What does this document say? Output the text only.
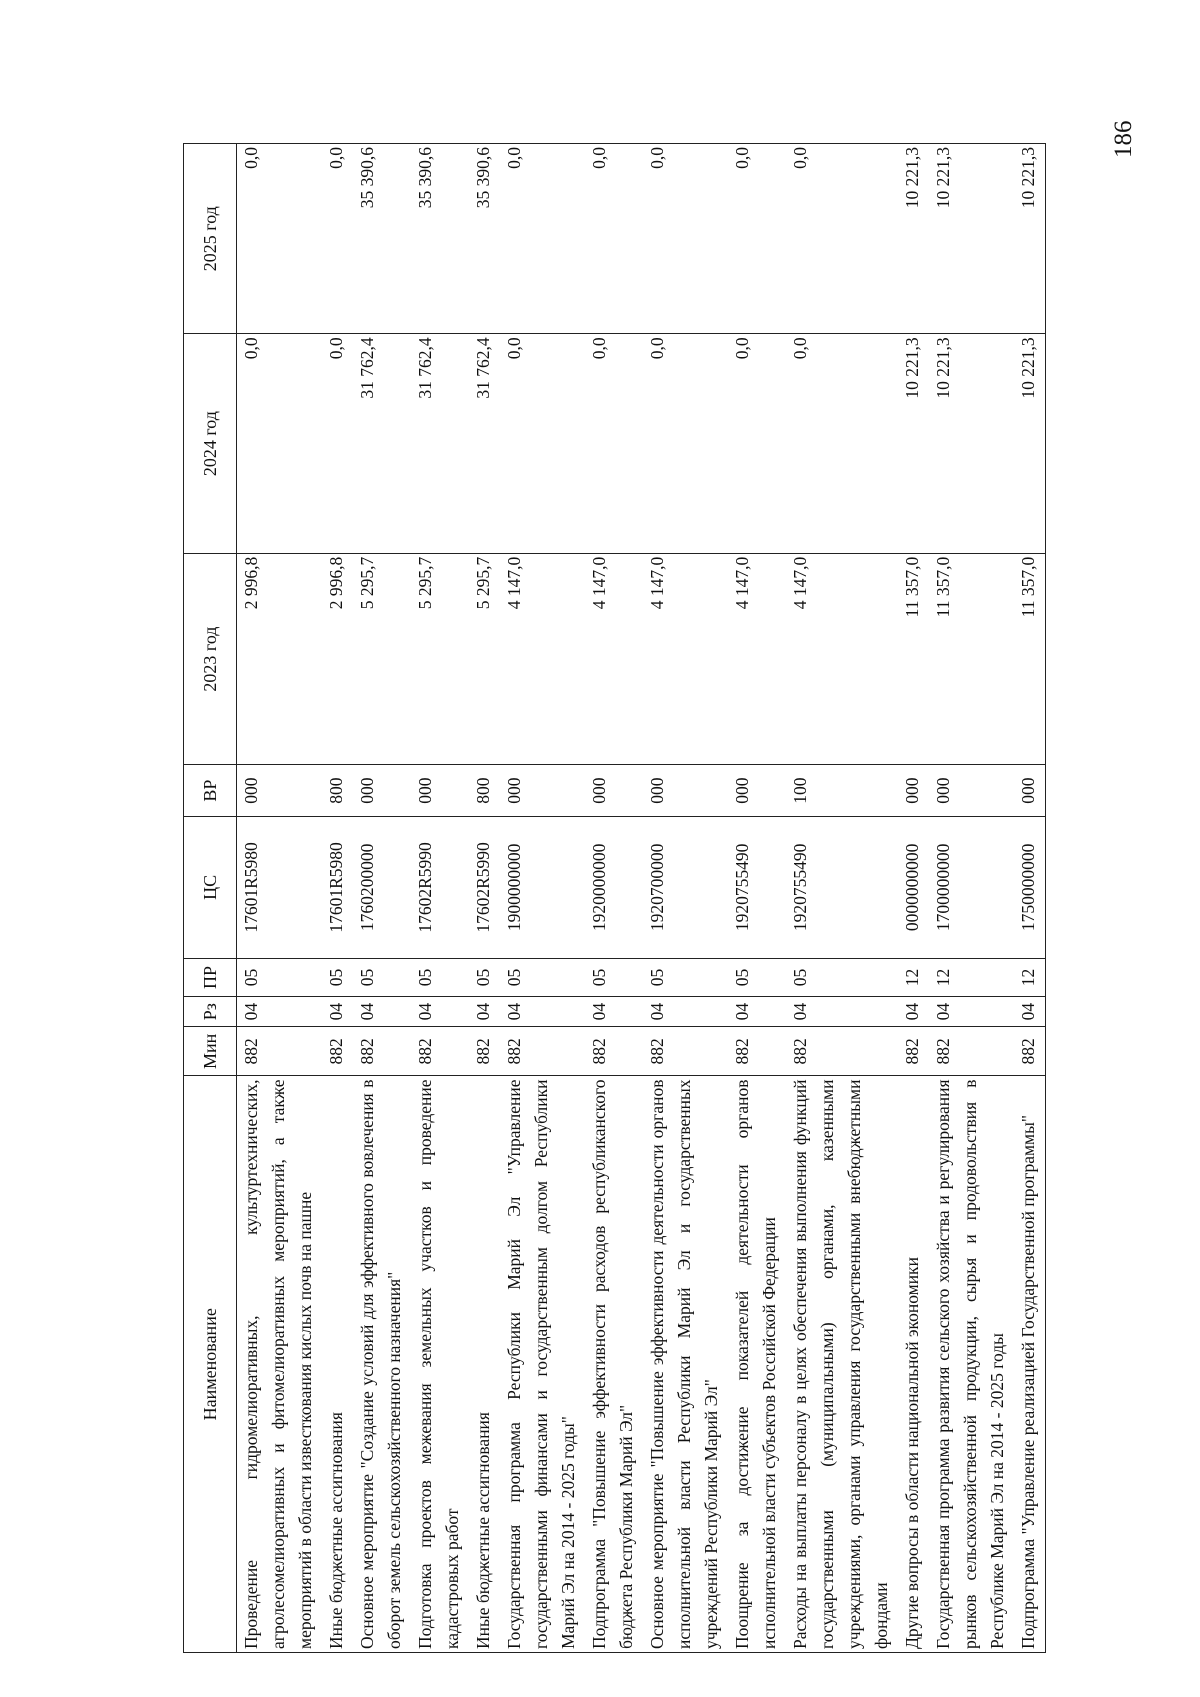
186
Наименование	Мин	Рз	ПР	ЦС	ВР	2023 год	2024 год	2025 год
Проведение гидромелиоративных, культуртехнических, агролесомелиоративных и фитомелиоративных мероприятий, а также мероприятий в области известкования кислых почв на пашне	882	04	05	17601R5980	000	2 996,8	0,0	0,0
Иные бюджетные ассигнования	882	04	05	17601R5980	800	2 996,8	0,0	0,0
Основное мероприятие "Создание условий для эффективного вовлечения в оборот земель сельскохозяйственного назначения"	882	04	05	1760200000	000	5 295,7	31 762,4	35 390,6
Подготовка проектов межевания земельных участков и проведение кадастровых работ	882	04	05	17602R5990	000	5 295,7	31 762,4	35 390,6
Иные бюджетные ассигнования	882	04	05	17602R5990	800	5 295,7	31 762,4	35 390,6
Государственная программа Республики Марий Эл "Управление государственными финансами и государственным долгом Республики Марий Эл на 2014 - 2025 годы"	882	04	05	1900000000	000	4 147,0	0,0	0,0
Подпрограмма "Повышение эффективности расходов республиканского бюджета Республики Марий Эл"	882	04	05	1920000000	000	4 147,0	0,0	0,0
Основное мероприятие "Повышение эффективности деятельности органов исполнительной власти Республики Марий Эл и государственных учреждений Республики Марий Эл"	882	04	05	1920700000	000	4 147,0	0,0	0,0
Поощрение за достижение показателей деятельности органов исполнительной власти субъектов Российской Федерации	882	04	05	1920755490	000	4 147,0	0,0	0,0
Расходы на выплаты персоналу в целях обеспечения выполнения функций государственными (муниципальными) органами, казенными учреждениями, органами управления государственными внебюджетными фондами	882	04	05	1920755490	100	4 147,0	0,0	0,0
Другие вопросы в области национальной экономики	882	04	12	0000000000	000	11 357,0	10 221,3	10 221,3
Государственная программа развития сельского хозяйства и регулирования рынков сельскохозяйственной продукции, сырья и продовольствия в Республике Марий Эл на 2014 - 2025 годы	882	04	12	1700000000	000	11 357,0	10 221,3	10 221,3
Подпрограмма "Управление реализацией Государственной программы"	882	04	12	1750000000	000	11 357,0	10 221,3	10 221,3
